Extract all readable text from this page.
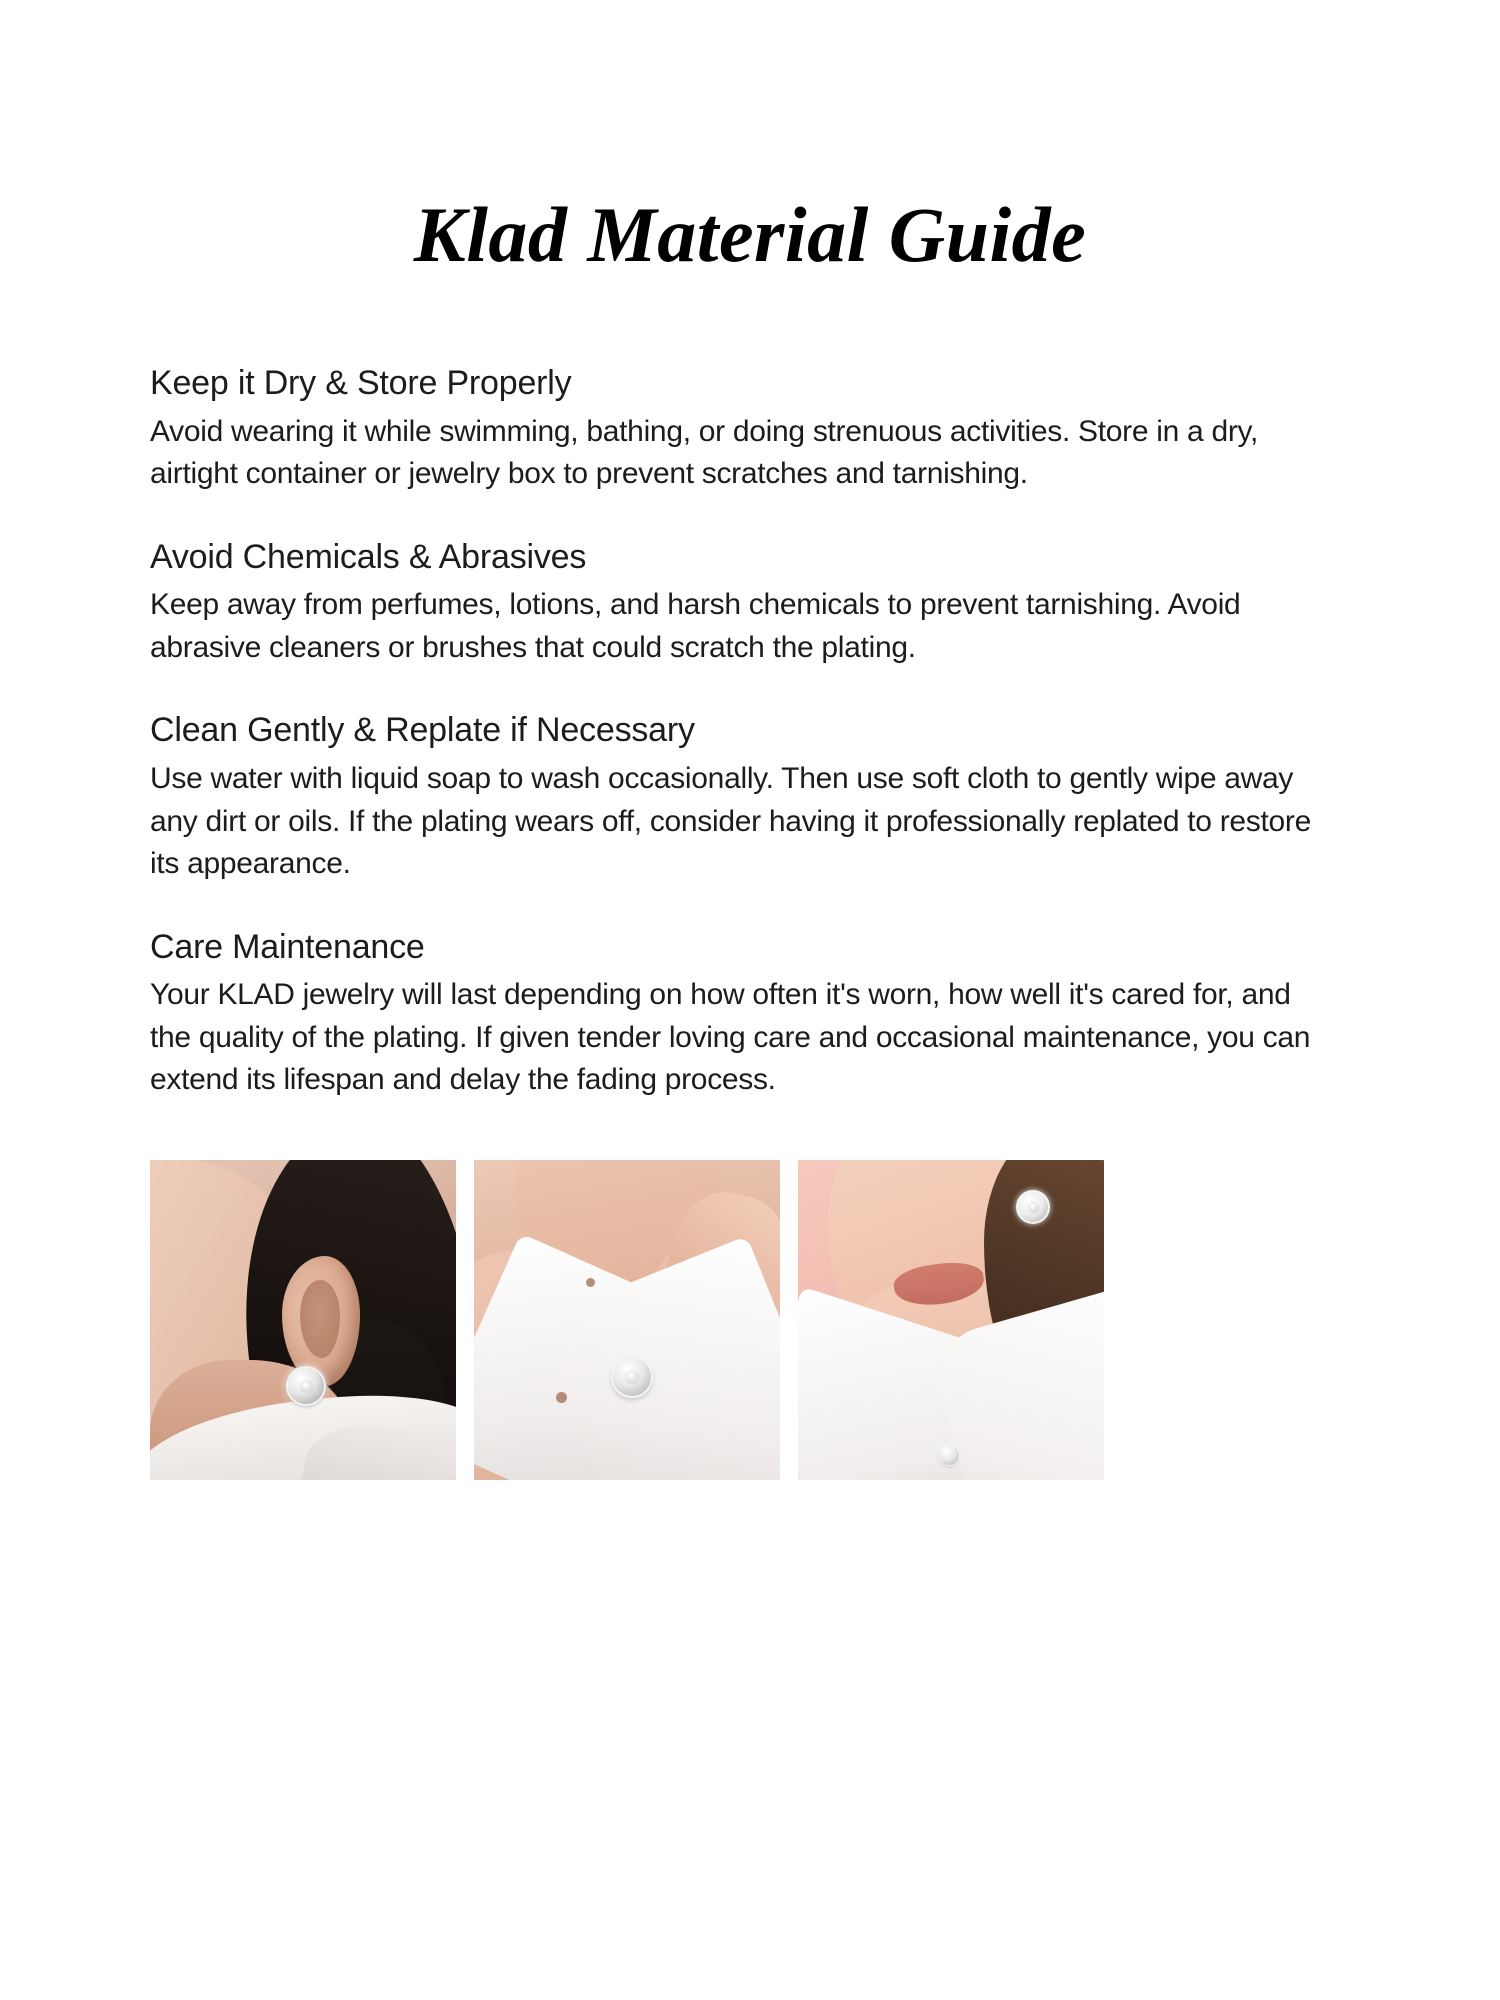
Klad Material Guide

Keep it Dry & Store Properly

Avoid wearing it while swimming, bathing, or doing strenuous activities. Store in a dry, airtight container or jewelry box to prevent scratches and tarnishing.

Avoid Chemicals & Abrasives

Keep away from perfumes, lotions, and harsh chemicals to prevent tarnishing. Avoid abrasive cleaners or brushes that could scratch the plating.

Clean Gently & Replate if Necessary

Use water with liquid soap to wash occasionally. Then use soft cloth to gently wipe away any dirt or oils. If the plating wears off, consider having it professionally replated to restore its appearance.

Care Maintenance

Your KLAD jewelry will last depending on how often it's worn, how well it's cared for, and the quality of the plating. If given tender loving care and occasional maintenance, you can extend its lifespan and delay the fading process.
